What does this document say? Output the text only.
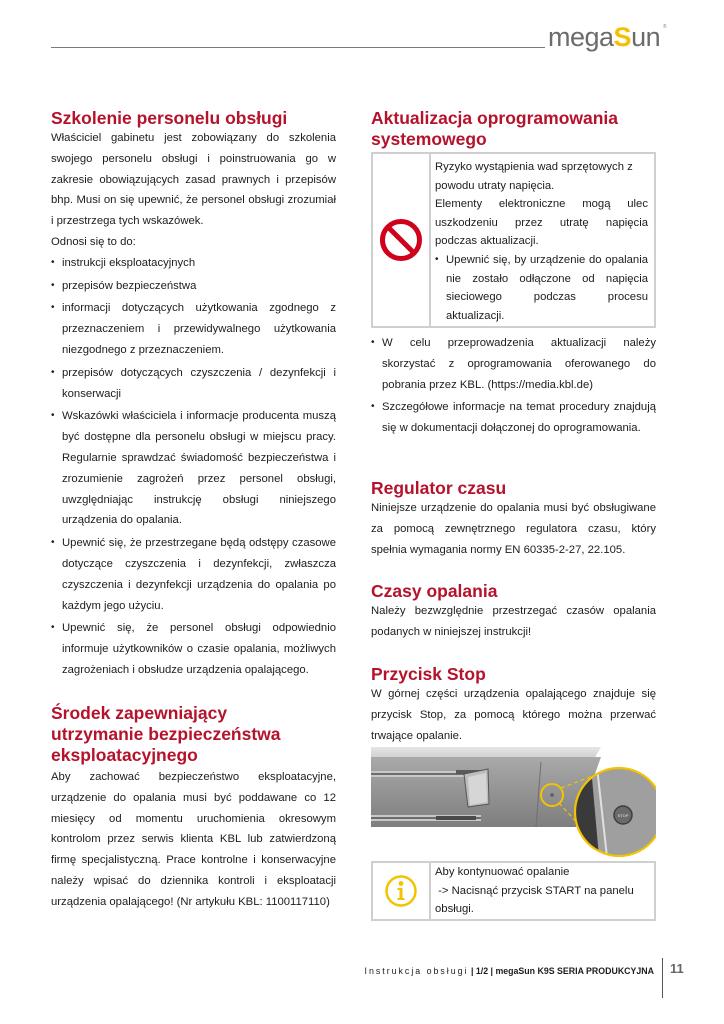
megaSun ®
Szkolenie personelu obsługi

Właściciel gabinetu jest zobowiązany do szkolenia swojego personelu obsługi i poinstruowania go w zakresie obowiązujących zasad prawnych i przepisów bhp. Musi on się upewnić, że personel obsługi zrozumiał i przestrzega tych wskazówek.

Odnosi się to do:

• instrukcji eksploatacyjnych
• przepisów bezpieczeństwa
• informacji dotyczących użytkowania zgodnego z przeznaczeniem i przewidywalnego użytkowania niezgodnego z przeznaczeniem.
• przepisów dotyczących czyszczenia / dezynfekcji i konserwacji
• Wskazówki właściciela i informacje producenta muszą być dostępne dla personelu obsługi w miejscu pracy. Regularnie sprawdzać świadomość bezpieczeństwa i zrozumienie zagrożeń przez personel obsługi, uwzględniając instrukcję obsługi niniejszego urządzenia do opalania.
• Upewnić się, że przestrzegane będą odstępy czasowe dotyczące czyszczenia i dezynfekcji, zwłaszcza czyszczenia i dezynfekcji urządzenia do opalania po każdym jego użyciu.
• Upewnić się, że personel obsługi odpowiednio informuje użytkowników o czasie opalania, możliwych zagrożeniach i obsłudze urządzenia opalającego.
Środek zapewniający utrzymanie bezpieczeństwa eksploatacyjnego

Aby zachować bezpieczeństwo eksploatacyjne, urządzenie do opalania musi być poddawane co 12 miesięcy od momentu uruchomienia okresowym kontrolom przez serwis klienta KBL lub zatwierdzoną firmę specjalistyczną. Prace kontrolne i konserwacyjne należy wpisać do dziennika kontroli i eksploatacji urządzenia opalającego! (Nr artykułu KBL: 1100117110)

Aktualizacja oprogramowania systemowego

Ryzyko wystąpienia wad sprzętowych z powodu utraty napięcia.

Elementy elektroniczne mogą ulec uszkodzeniu przez utratę napięcia podczas aktualizacji.

• Upewnić się, by urządzenie do opalania nie zostało odłączone od napięcia sieciowego podczas procesu aktualizacji.
• W celu przeprowadzenia aktualizacji należy skorzystać z oprogramowania oferowanego do pobrania przez KBL. (https://media.kbl.de)
• Szczegółowe informacje na temat procedury znajdują się w dokumentacji dołączonej do oprogramowania.
Regulator czasu

Niniejsze urządzenie do opalania musi być obsługiwane za pomocą zewnętrznego regulatora czasu, który spełnia wymagania normy EN 60335-2-27, 22.105.

Czasy opalania

Należy bezwzględnie przestrzegać czasów opalania podanych w niniejszej instrukcji!

Przycisk Stop

W górnej części urządzenia opalającego znajduje się przycisk Stop, za pomocą którego można przerwać trwające opalanie.

STOP

Aby kontynuować opalanie

-> Nacisnąć przycisk START na panelu

obsługi.

Instrukcja obsługi | 1/2 | megaSun K9S SERIA PRODUKCYJNA 11
